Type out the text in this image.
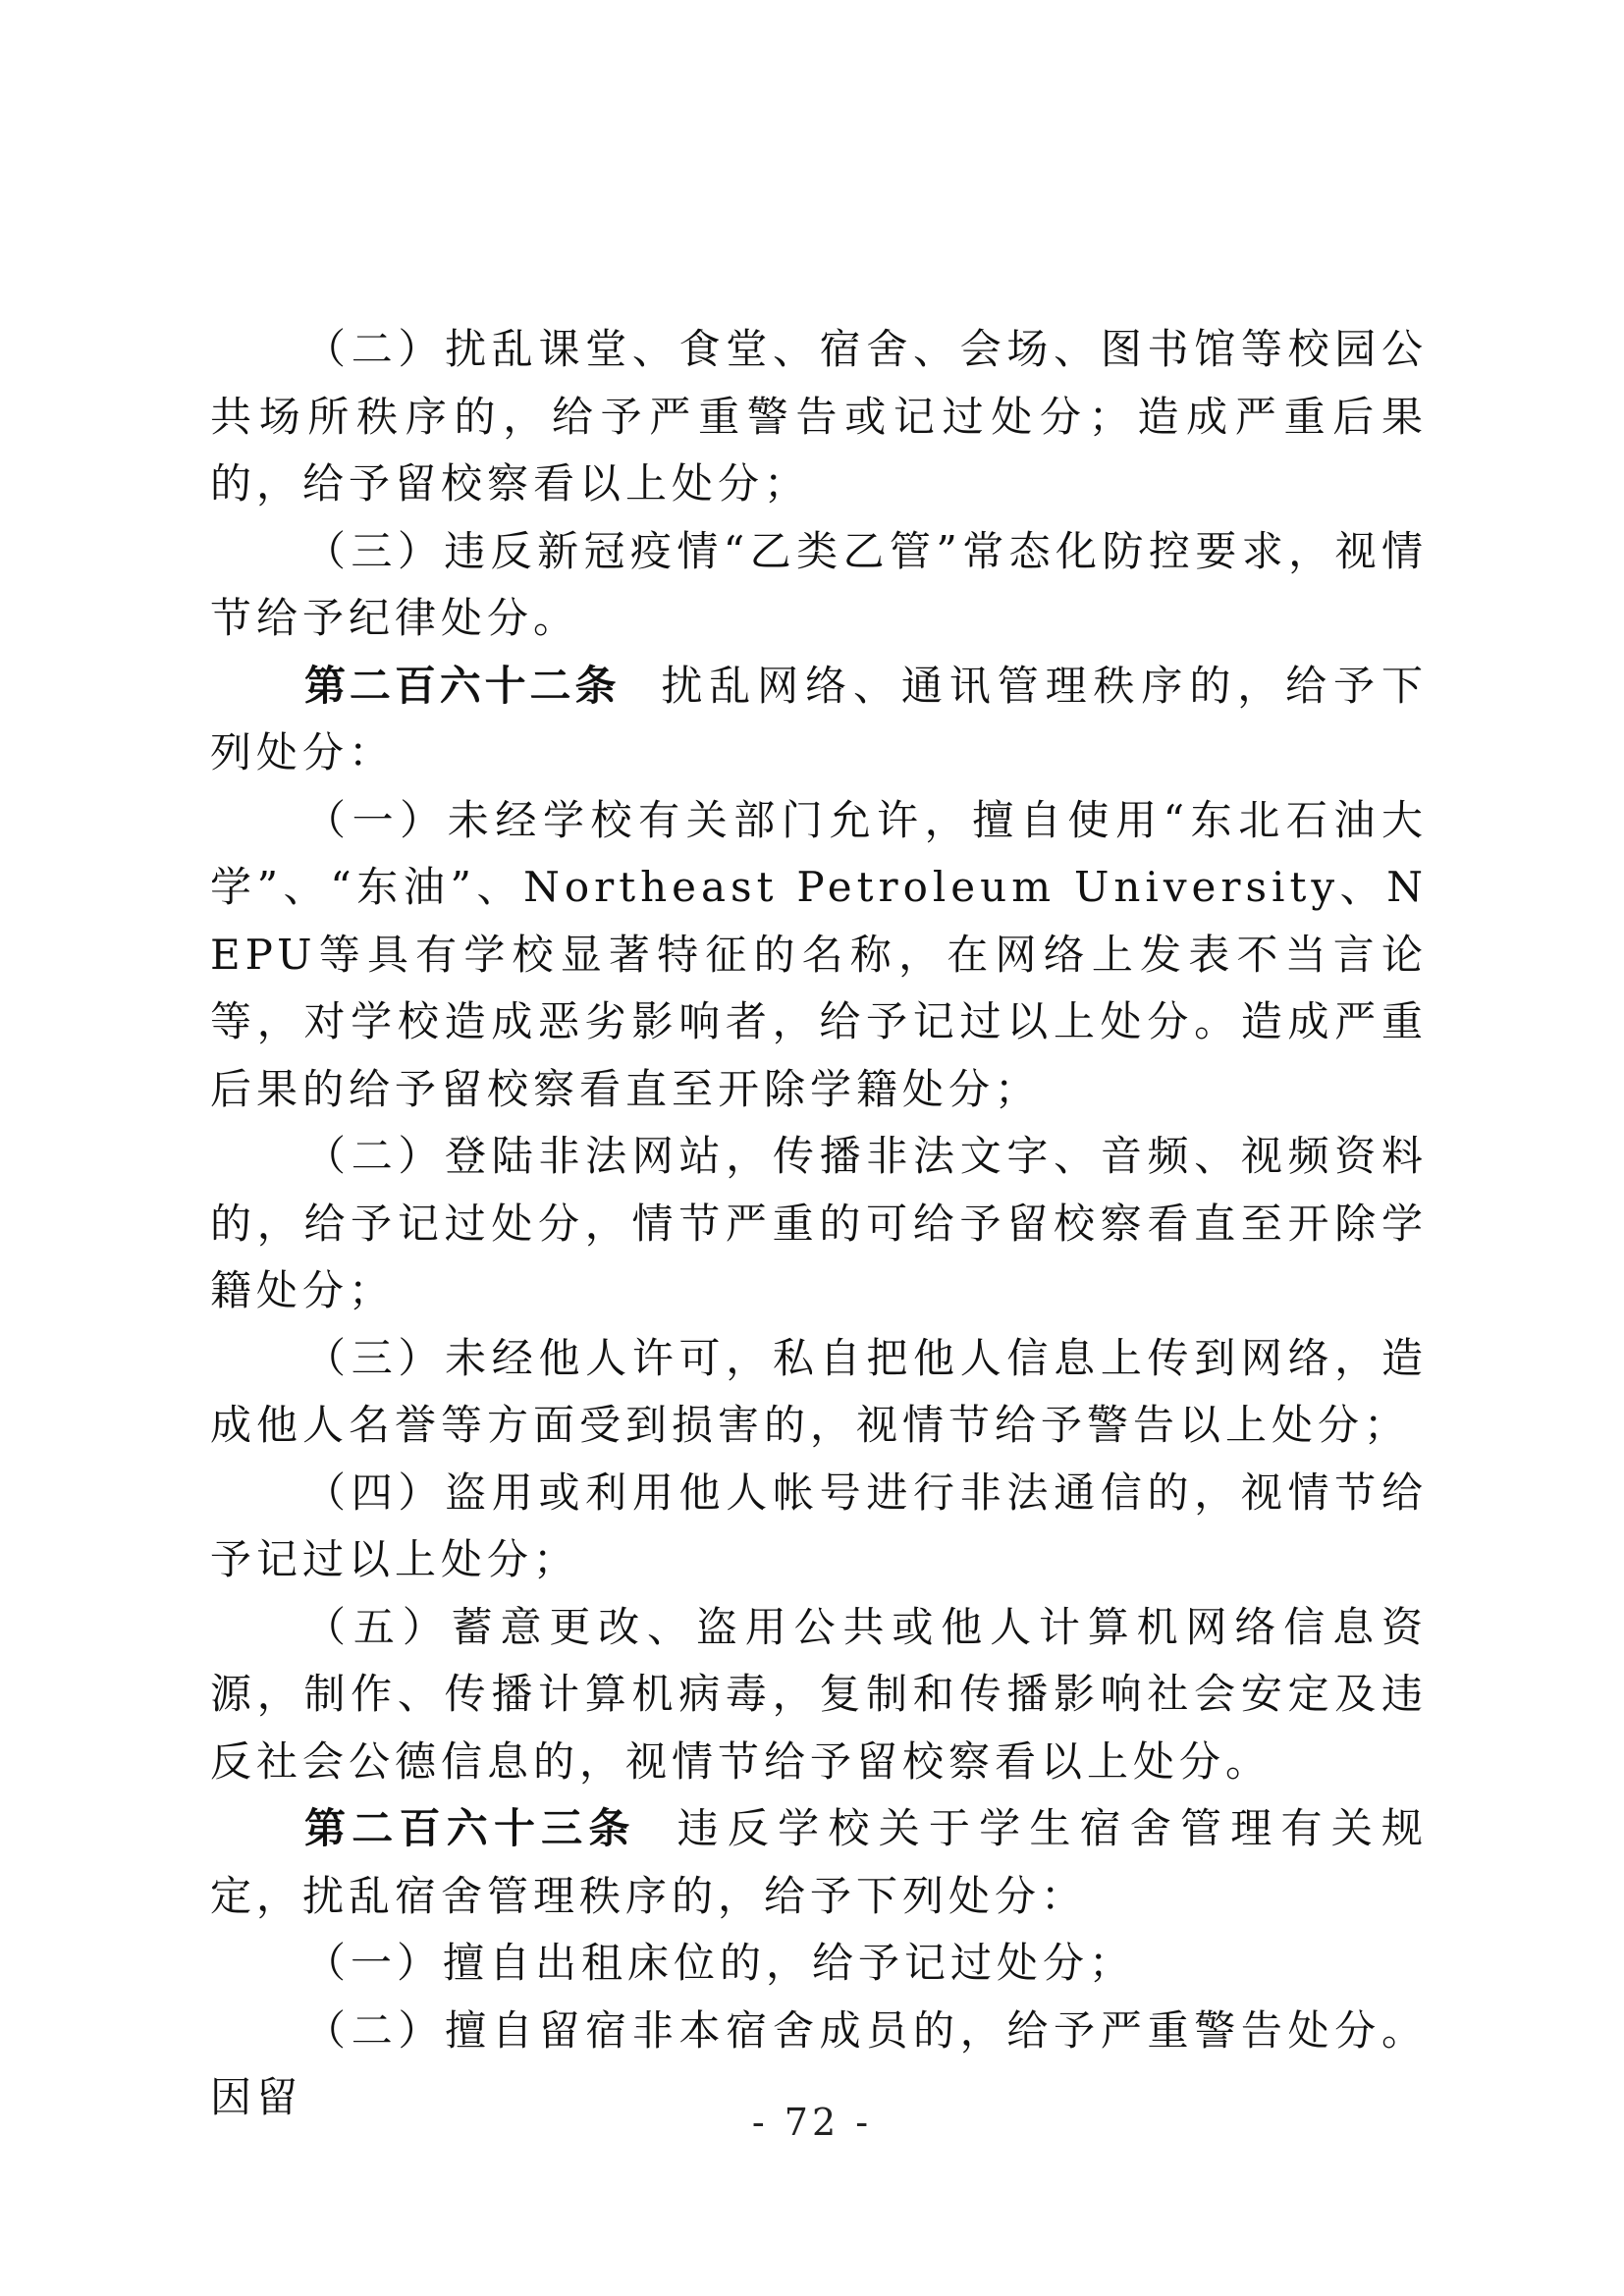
（二）扰乱课堂、食堂、宿舍、会场、图书馆等校园公共场所秩序的，给予严重警告或记过处分；造成严重后果的，给予留校察看以上处分；

（三）违反新冠疫情“乙类乙管”常态化防控要求，视情节给予纪律处分。

第二百六十二条 扰乱网络、通讯管理秩序的，给予下列处分：

（一）未经学校有关部门允许，擅自使用“东北石油大学”、“东油”、Northeast Petroleum University、NEPU等具有学校显著特征的名称，在网络上发表不当言论等，对学校造成恶劣影响者，给予记过以上处分。造成严重后果的给予留校察看直至开除学籍处分；

（二）登陆非法网站，传播非法文字、音频、视频资料的，给予记过处分，情节严重的可给予留校察看直至开除学籍处分；

（三）未经他人许可，私自把他人信息上传到网络，造成他人名誉等方面受到损害的，视情节给予警告以上处分；

（四）盗用或利用他人帐号进行非法通信的，视情节给予记过以上处分；

（五）蓄意更改、盗用公共或他人计算机网络信息资源，制作、传播计算机病毒，复制和传播影响社会安定及违反社会公德信息的，视情节给予留校察看以上处分。

第二百六十三条 违反学校关于学生宿舍管理有关规定，扰乱宿舍管理秩序的，给予下列处分：

（一）擅自出租床位的，给予记过处分；

（二）擅自留宿非本宿舍成员的，给予严重警告处分。因留

- 72 -
